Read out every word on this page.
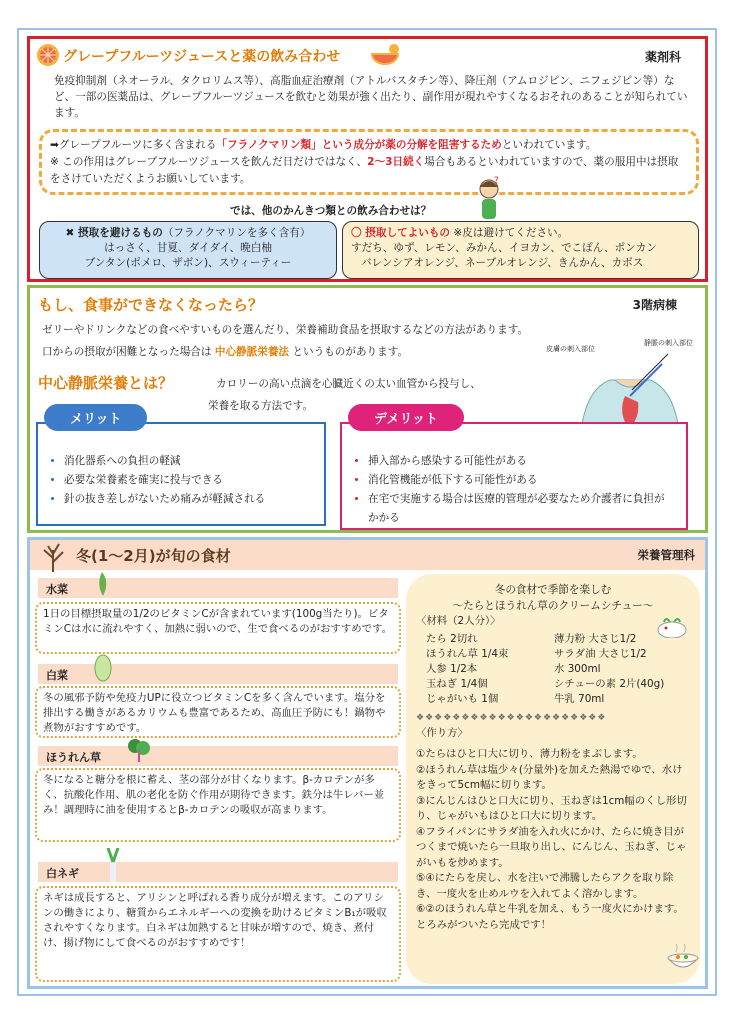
グレープフルーツジュースと薬の飲み合わせ	薬剤科
免疫抑制剤（ネオーラル、タクロリムス等）、高脂血症治療剤（アトルバスタチン等）、降圧剤（アムロジピン、ニフェジピン等）など、一部の医薬品は、グレープフルーツジュースを飲むと効果が強く出たり、副作用が現れやすくなるおそれのあることが知られています。
➡グレープフルーツに多く含まれる「フラノクマリン類」という成分が薬の分解を阻害するためといわれています。
※ この作用はグレープフルーツジュースを飲んだ日だけではなく、2～3日続く場合もあるといわれていますので、薬の服用中は摂取をさけていただくようお願いしています。	?
では、他のかんきつ類との飲み合わせは？
✖ 摂取を避けるもの（フラノクマリンを多く含有）
はっさく、甘夏、ダイダイ、晩白柚
ブンタン(ポメロ、ザボン)、スウィーティー
〇 摂取してよいもの ※皮は避けてください。
すだち、ゆず、レモン、みかん、イヨカン、でこぽん、ポンカン
バレンシアオレンジ、ネーブルオレンジ、きんかん、カボス
もし、食事ができなくなったら？	3階病棟
ゼリーやドリンクなどの食べやすいものを選んだり、栄養補助食品を摂取するなどの方法があります。
口からの摂取が困難となった場合は 中心静脈栄養法 というものがあります。
中心静脈栄養とは？	カロリーの高い点滴を心臓近くの太い血管から投与し、
栄養を取る方法です。
皮膚の刺入部位
静脈の刺入部位
メリット
• 消化器系への負担の軽減
• 必要な栄養素を確実に投与できる
• 針の抜き差しがないため痛みが軽減される
デメリット
• 挿入部から感染する可能性がある
• 消化管機能が低下する可能性がある
• 在宅で実施する場合は医療的管理が必要なため介護者に負担がかかる
冬(1～2月)が旬の食材	栄養管理科
水菜
1日の目標摂取量の1/2のビタミンCが含まれています(100g当たり)。ビタミンCは水に流れやすく、加熱に弱いので、生で食べるのがおすすめです。
白菜
冬の風邪予防や免疫力UPに役立つビタミンCを多く含んでいます。塩分を排出する働きがあるカリウムも豊富であるため、高血圧予防にも！鍋物や煮物がおすすめです。
ほうれん草
冬になると糖分を根に蓄え、茎の部分が甘くなります。β-カロテンが多く、抗酸化作用、肌の老化を防ぐ作用が期待できます。鉄分は牛レバー並み！調理時に油を使用するとβ-カロテンの吸収が高まります。
白ネギ
ネギは成長すると、アリシンと呼ばれる香り成分が増えます。このアリシンの働きにより、糖質からエネルギーへの変換を助けるビタミンB₁が吸収されやすくなります。白ネギは加熱すると甘味が増すので、焼き、煮付け、揚げ物にして食べるのがおすすめです！
冬の食材で季節を楽しむ
～たらとほうれん草のクリームシチュー～
〈材料（2人分）〉
たら 2切れ	薄力粉 大さじ1/2
ほうれん草 1/4束	サラダ油 大さじ1/2
人参 1/2本	水 300ml
玉ねぎ 1/4個	シチューの素 2片(40g)
じゃがいも 1個	牛乳 70ml
❖❖❖❖❖❖❖❖❖❖❖❖❖❖❖❖❖❖❖❖❖
〈作り方〉
①たらはひと口大に切り、薄力粉をまぶします。
②ほうれん草は塩少々(分量外)を加えた熱湯でゆで、水けをきって5cm幅に切ります。
③にんじんはひと口大に切り、玉ねぎは1cm幅のくし形切り、じゃがいもはひと口大に切ります。
④フライパンにサラダ油を入れ火にかけ、たらに焼き目がつくまで焼いたら一旦取り出し、にんじん、玉ねぎ、じゃがいもを炒めます。
⑤④にたらを戻し、水を注いで沸騰したらアクを取り除き、一度火を止めルウを入れてよく溶かします。
⑥②のほうれん草と牛乳を加え、もう一度火にかけます。とろみがついたら完成です！
